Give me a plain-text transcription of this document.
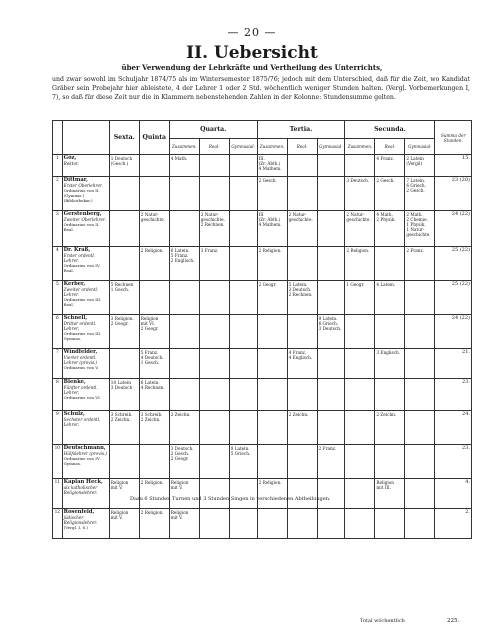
— 20 —
II. Uebersicht
über Verwendung der Lehrkräfte und Vertheilung des Unterrichts,
und zwar sowohl im Schuljahr 1874/75 als im Wintersemester 1875/76; jedoch mit dem Unterschied, daß für die Zeit, wo Kandidat Gräber sein Probejahr hier ableistete, 4 der Lehrer 1 oder 2 Std. wöchentlich weniger Stunden halten. (Vergl. Vorbemerkungen I, 7), so daß für diese Zeit nur die in Klammern nebenstehenden Zahlen in der Kolonne: Stundensumme gelten.
		Sexta.	Quinta	Quarta.			Tertia.			Secunda.			Summa der Stunden.
				Zusammen.	Real-	Gymnasial-	Zusammen.	Real-	Gymnasial-	Zusammen.	Real-	Gymnasial-	
1	Göz,
Rektor.	1 Deutsch
(Gesch.)		4 Math.			III.
(Zr. Abth.)
4 Mathem.				4 Franz.	2 Latein
(Vergil)	15.
2	Dittmar,
Erster Oberlehrer.
Ordinarius von II. (Gymnas.) (Bibliothekar.)						2 Gesch.			3 Deutsch.	2 Gesch.	7 Latein.
6 Griech.
2 Gesch.	23 (20)
3	Gerstenberg,
Zweiter Oberlehrer.
Ordinarius von II. Real.		2 Natur-
geschichte.		2 Natur-
geschichte.
2 Rechnen.		III
(Zr. Abth.)
4 Mathem.	2 Natur-
geschichte.		2 Natur-
geschichte.	4 Math.
2 Physik.	2 Math.
2 Chemie.
1 Physik.
1 Natur-
geschichte.	24 (22)
4	Dr. Kraß,
Erster ordentl. Lehrer.
Ordinarius von IV. Real.		2 Religion.	6 Latein.
5 Franz.
2 Englisch.	3 Franz.		2 Religion.			2 Religion.		2 Franz.	25 (22)
5	Kerber,
Zweiter ordentl. Lehrer.
Ordinarius von III. Real.	5 Rechnen
1 Gesch.					2 Geogr.	5 Latein.
3 Deutsch.
2 Rechnen.		1 Geogr.	4 Latein.		25 (22)
6	Schnell,
Dritter ordentl. Lehrer.
Ordinarius von III. Gymnas.	3 Religion.
2 Geogr.	Religion
mit VI.
2 Geogr.						9 Latein.
6 Griech.
3 Deutsch.				24 (22)
7	Windfelder,
Vierter ordentl. Lehrer (provis.)
Ordinarius von V.		5 Franz.
4 Deutsch.
1 Gesch.					4 Franz.
4 Englisch.			3 Englisch.		21.
8	Blenke,
Fünfter ordentl. Lehrer.
Ordinarius von VI.	10 Latein
3 Deutsch	6 Latein.
4 Rechnen.										23.
9	Schulz,
Sechster ordentl. Lehrer.	3 Schreib.
2 Zeichn.	3 Schreib.
2 Zeichn.	2 Zeichn.				2 Zeichn.			2 Zeichn.		24.
10	Deutschmann,
Hülfslehrer (provis.)
Ordinarius von IV. Gymnas.			3 Deutsch.
2 Gesch.
2 Geogr.		9 Latein.
5 Griech.			2 Franz.				23.
11	Kaplan Heck,
als katholischer Religionslehrer.	Religion
mit V.	2 Religion.	Religion
mit V.			2 Religion.				Religion
mit III.		4.
12	Rosenfeld,
jüdischer Religionslehrer.
(Vergl. I, 8.)	Religion
mit V.	2 Religion.	Religion
mit V.									2.
Dazu 6 Stunden Turnen und 3 Stunden Singen in verschiedenen Abtheilungen.
Total wöchentlich	225.
